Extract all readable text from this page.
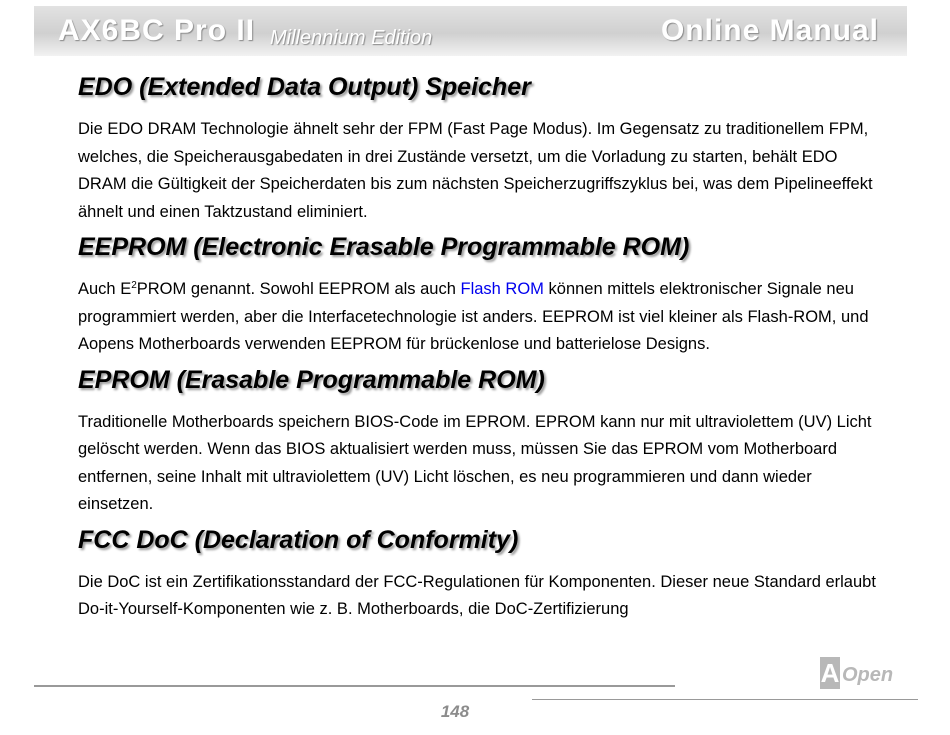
AX6BC Pro II Millennium Edition	Online Manual
EDO (Extended Data Output) Speicher

Die EDO DRAM Technologie ähnelt sehr der FPM (Fast Page Modus). Im Gegensatz zu traditionellem FPM, welches, die Speicherausgabedaten in drei Zustände versetzt, um die Vorladung zu starten, behält EDO DRAM die Gültigkeit der Speicherdaten bis zum nächsten Speicherzugriffszyklus bei, was dem Pipelineeffekt ähnelt und einen Taktzustand eliminiert.

EEPROM (Electronic Erasable Programmable ROM)

Auch $E^2PROM$ genannt. Sowohl EEPROM als auch Flash ROM können mittels elektronischer Signale neu programmiert werden, aber die Interfacetechnologie ist anders. EEPROM ist viel kleiner als Flash-ROM, und Aopens Motherboards verwenden EEPROM für brückenlose und batterielose Designs.

EPROM (Erasable Programmable ROM)

Traditionelle Motherboards speichern BIOS-Code im EPROM. EPROM kann nur mit ultraviolettem (UV) Licht gelöscht werden. Wenn das BIOS aktualisiert werden muss, müssen Sie das EPROM vom Motherboard entfernen, seine Inhalt mit ultraviolettem (UV) Licht löschen, es neu programmieren und dann wieder einsetzen.

FCC DoC (Declaration of Conformity)

Die DoC ist ein Zertifikationsstandard der FCC-Regulationen für Komponenten. Dieser neue Standard erlaubt Do-it-Yourself-Komponenten wie z. B. Motherboards, die DoC-Zertifizierung

148
A Open
